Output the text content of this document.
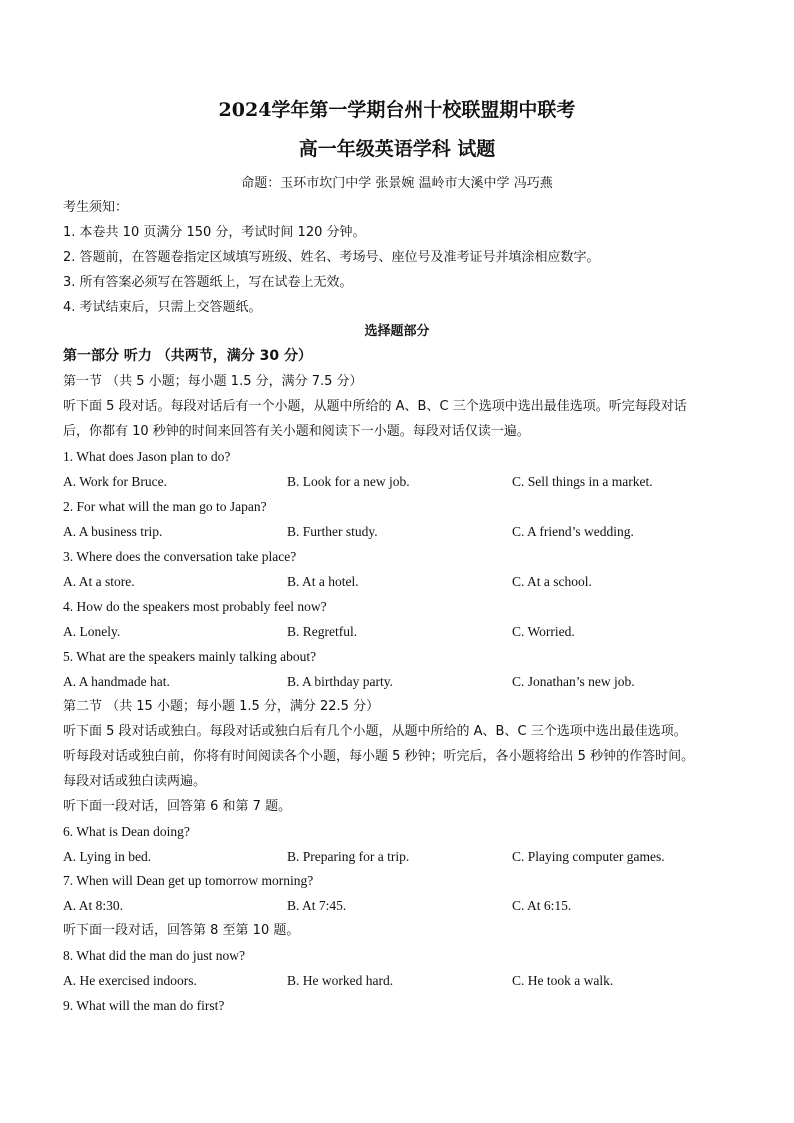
2024学年第一学期台州十校联盟期中联考
高一年级英语学科 试题
命题：玉环市坎门中学 张景婉 温岭市大溪中学 冯巧燕
考生须知：
1. 本卷共 10 页满分 150 分，考试时间 120 分钟。
2. 答题前，在答题卷指定区域填写班级、姓名、考场号、座位号及准考证号并填涂相应数字。
3. 所有答案必须写在答题纸上，写在试卷上无效。
4. 考试结束后，只需上交答题纸。
选择题部分
第一部分 听力 （共两节，满分 30 分）
第一节 （共 5 小题；每小题 1.5 分，满分 7.5 分）
听下面 5 段对话。每段对话后有一个小题，从题中所给的 A、B、C 三个选项中选出最佳选项。听完每段对话
后，你都有 10 秒钟的时间来回答有关小题和阅读下一小题。每段对话仅读一遍。
1. What does Jason plan to do?
A. Work for Bruce.	B. Look for a new job.	C. Sell things in a market.
2. For what will the man go to Japan?
A. A business trip.	B. Further study.	C. A friend’s wedding.
3. Where does the conversation take place?
A. At a store.	B. At a hotel.	C. At a school.
4. How do the speakers most probably feel now?
A. Lonely.	B. Regretful.	C. Worried.
5. What are the speakers mainly talking about?
A. A handmade hat.	B. A birthday party.	C. Jonathan’s new job.
第二节 （共 15 小题；每小题 1.5 分，满分 22.5 分）
听下面 5 段对话或独白。每段对话或独白后有几个小题，从题中所给的 A、B、C 三个选项中选出最佳选项。
听每段对话或独白前，你将有时间阅读各个小题，每小题 5 秒钟；听完后，各小题将给出 5 秒钟的作答时间。
每段对话或独白读两遍。
听下面一段对话，回答第 6 和第 7 题。
6. What is Dean doing?
A. Lying in bed.	B. Preparing for a trip.	C. Playing computer games.
7. When will Dean get up tomorrow morning?
A. At 8:30.	B. At 7:45.	C. At 6:15.
听下面一段对话，回答第 8 至第 10 题。
8. What did the man do just now?
A. He exercised indoors.	B. He worked hard.	C. He took a walk.
9. What will the man do first?
